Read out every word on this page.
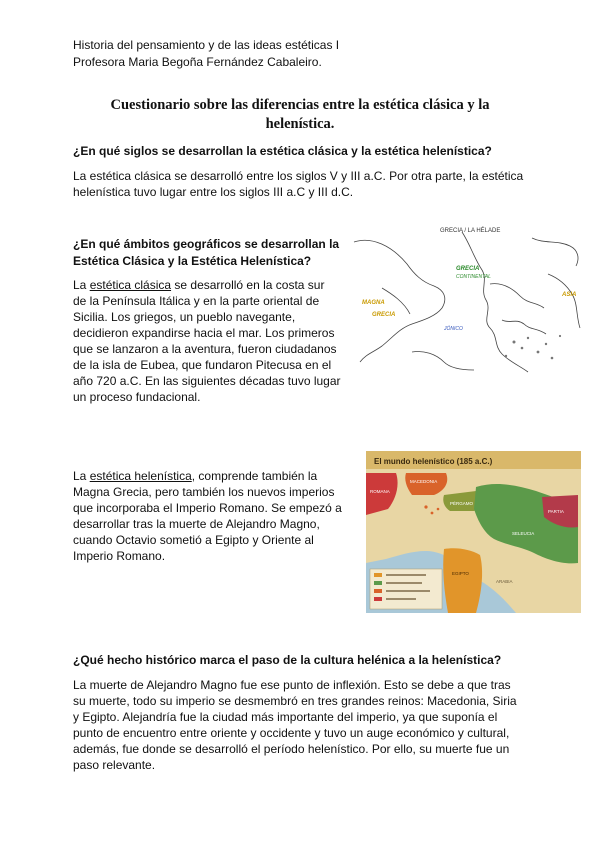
Historia del pensamiento y de las ideas estéticas I
Profesora Maria Begoña Fernández Cabaleiro.
Cuestionario sobre las diferencias entre la estética clásica y la
helenística.
¿En qué siglos se desarrollan la estética clásica y la estética helenística?
La estética clásica se desarrolló entre los siglos V y III a.C. Por otra parte, la estética
helenística tuvo lugar entre los siglos III a.C y III d.C.
¿En qué ámbitos geográficos se desarrollan la
Estética Clásica y la Estética Helenística?
La estética clásica se desarrolló en la costa sur
de la Península Itálica y en la parte oriental de
Sicilia. Los griegos, un pueblo navegante,
decidieron expandirse hacia el mar. Los primeros
que se lanzaron a la aventura, fueron ciudadanos
de la isla de Eubea, que fundaron Pitecusa en el
año 720 a.C. En las siguientes décadas tuvo lugar
un proceso fundacional.
GRECIA / LA HÉLADE
GRECIA
CONTINENTAL
MAGNA
GRECIA
JÓNICO
ASIA
La estética helenística, comprende también la
Magna Grecia, pero también los nuevos imperios
que incorporaba el Imperio Romano. Se empezó a
desarrollar tras la muerte de Alejandro Magno,
cuando Octavio sometió a Egipto y Oriente al
Imperio Romano.
El mundo helenístico (185 a.C.)
MACEDONIA
PÉRGAMO
PARTIA
SELEUCIA
EGIPTO
ARABIA
ROMANA
¿Qué hecho histórico marca el paso de la cultura helénica a la helenística?
La muerte de Alejandro Magno fue ese punto de inflexión. Esto se debe a que tras
su muerte, todo su imperio se desmembró en tres grandes reinos: Macedonia, Siria
y Egipto. Alejandría fue la ciudad más importante del imperio, ya que suponía el
punto de encuentro entre oriente y occidente y tuvo un auge económico y cultural,
además, fue donde se desarrolló el período helenístico. Por ello, su muerte fue un
paso relevante.
